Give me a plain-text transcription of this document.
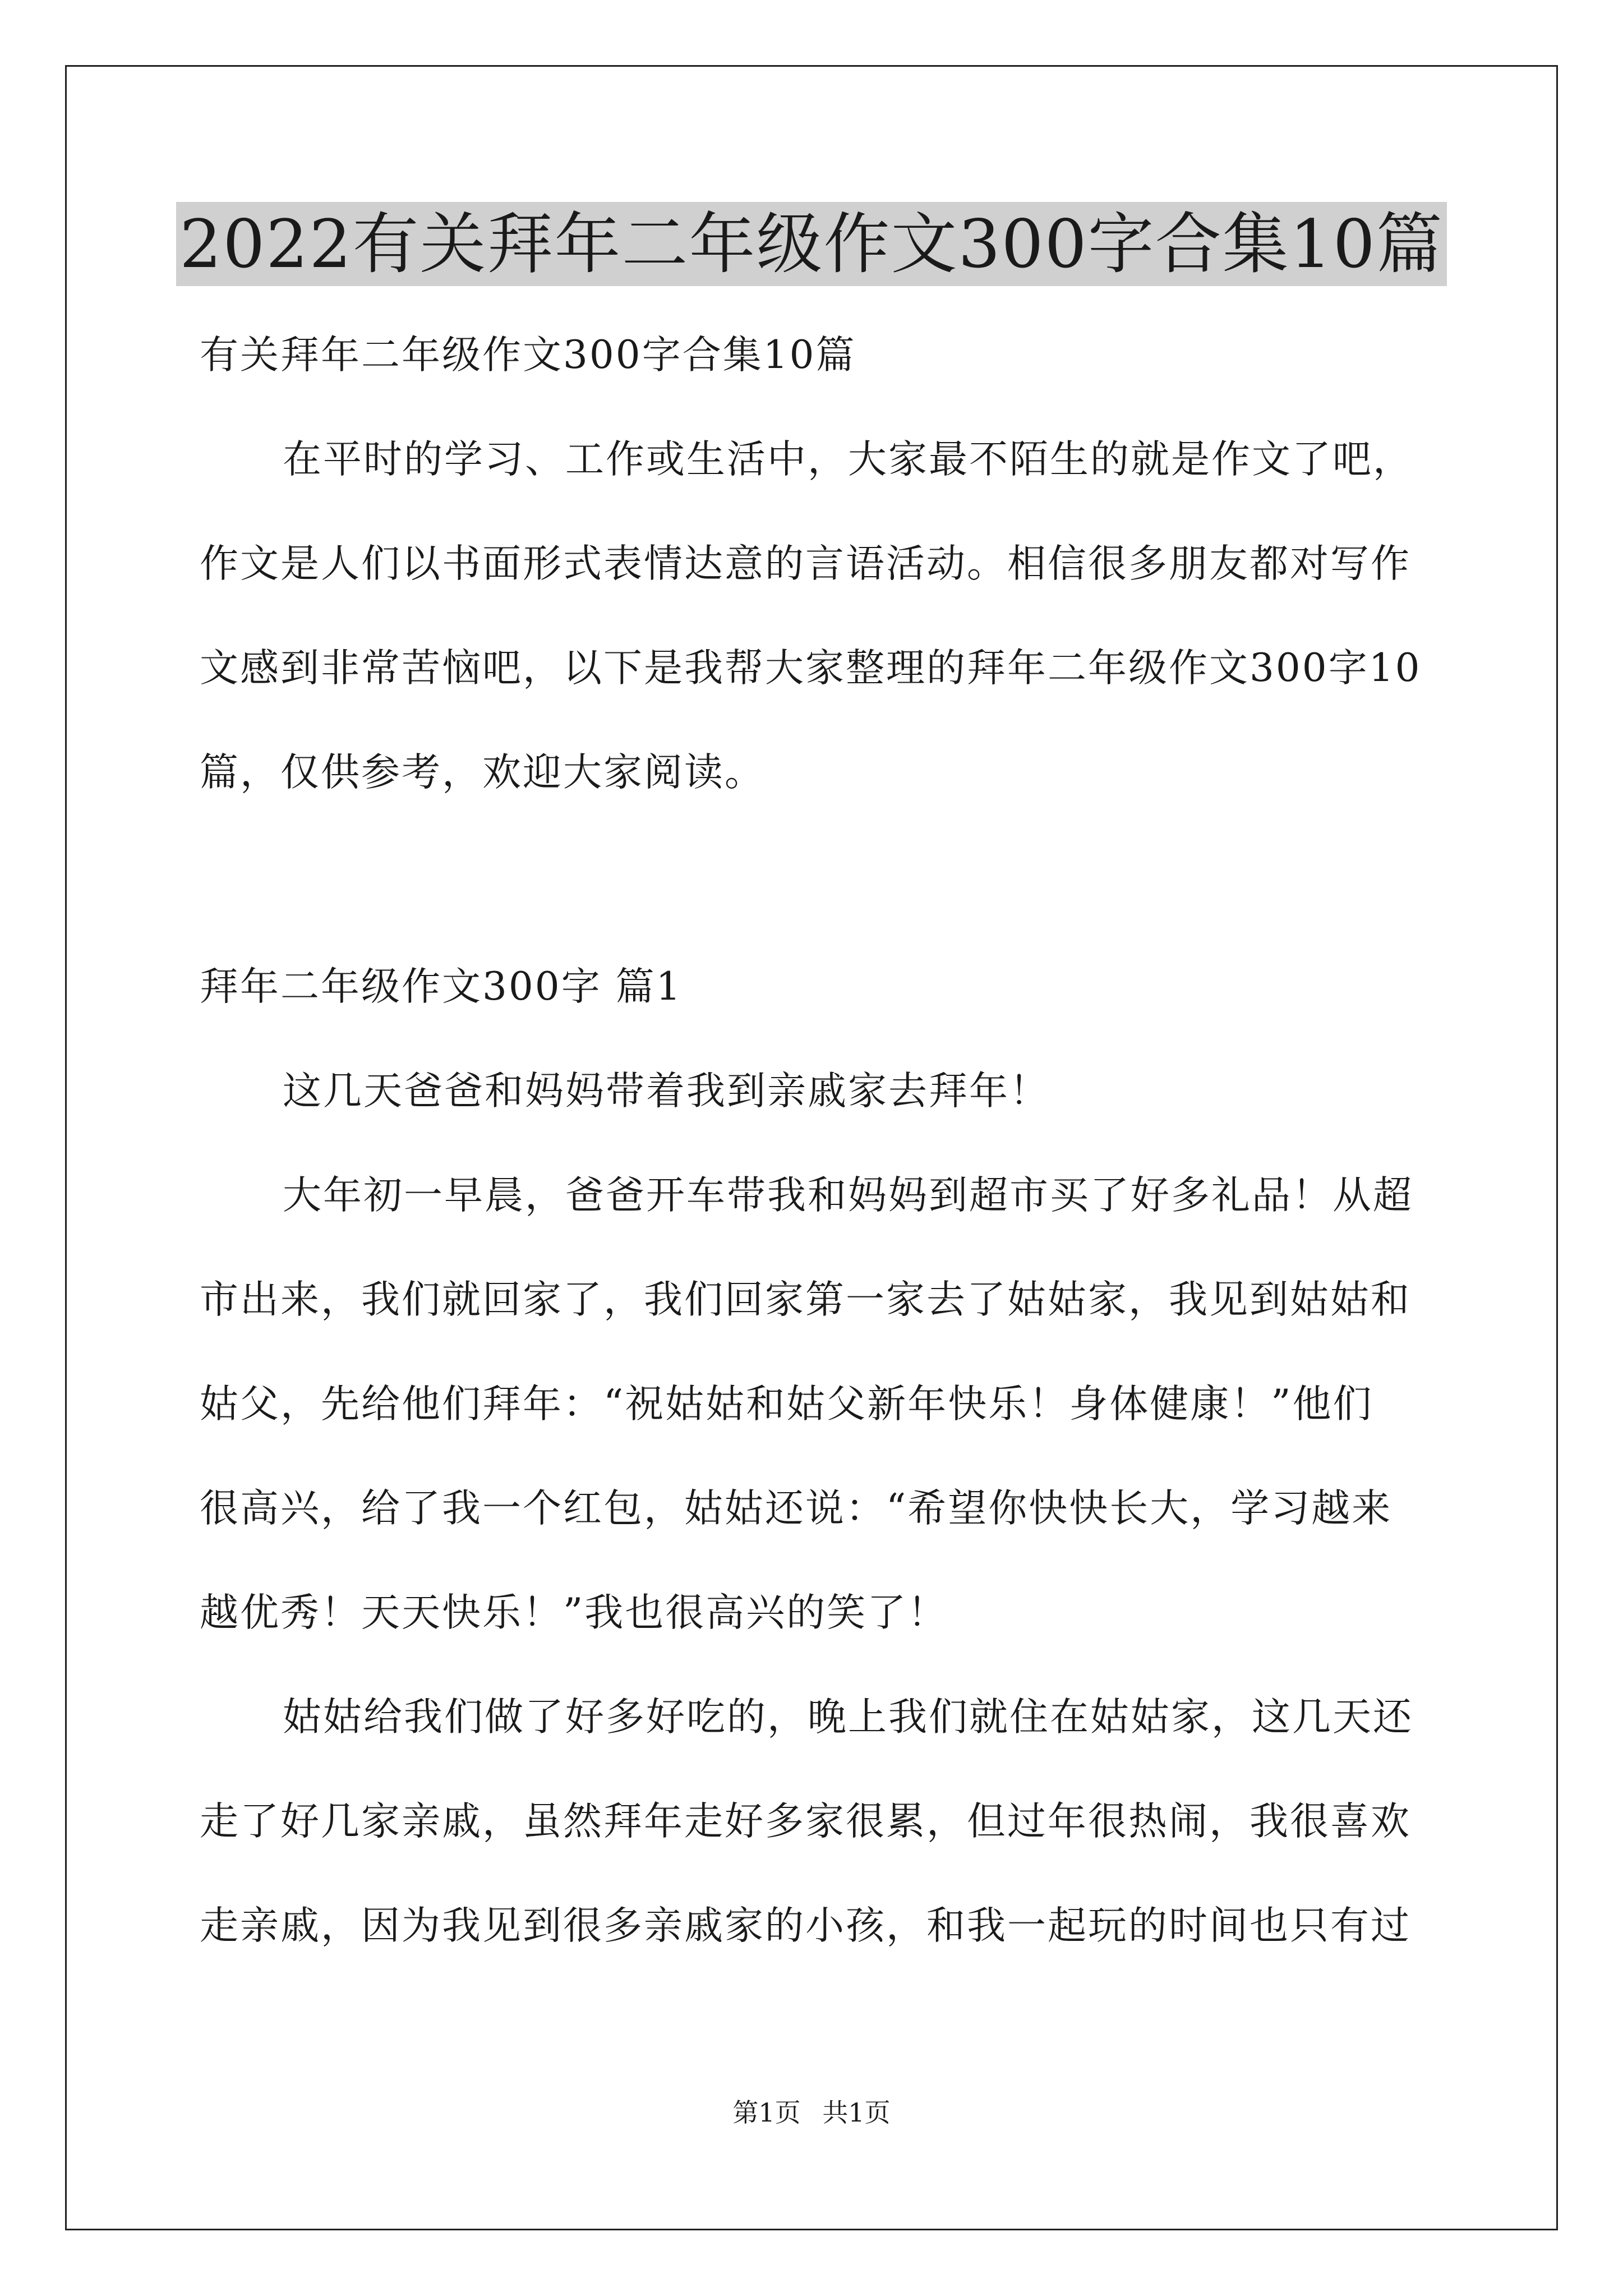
2022有关拜年二年级作文300字合集10篇
有关拜年二年级作文300字合集10篇
在平时的学习、工作或生活中，大家最不陌生的就是作文了吧，
作文是人们以书面形式表情达意的言语活动。相信很多朋友都对写作
文感到非常苦恼吧，以下是我帮大家整理的拜年二年级作文300字10
篇，仅供参考，欢迎大家阅读。
拜年二年级作文300字 篇1
这几天爸爸和妈妈带着我到亲戚家去拜年！
大年初一早晨，爸爸开车带我和妈妈到超市买了好多礼品！从超
市出来，我们就回家了，我们回家第一家去了姑姑家，我见到姑姑和
姑父，先给他们拜年：“祝姑姑和姑父新年快乐！身体健康！”他们
很高兴，给了我一个红包，姑姑还说：“希望你快快长大，学习越来
越优秀！天天快乐！”我也很高兴的笑了！
姑姑给我们做了好多好吃的，晚上我们就住在姑姑家，这几天还
走了好几家亲戚，虽然拜年走好多家很累，但过年很热闹，我很喜欢
走亲戚，因为我见到很多亲戚家的小孩，和我一起玩的时间也只有过
第1页 共1页
